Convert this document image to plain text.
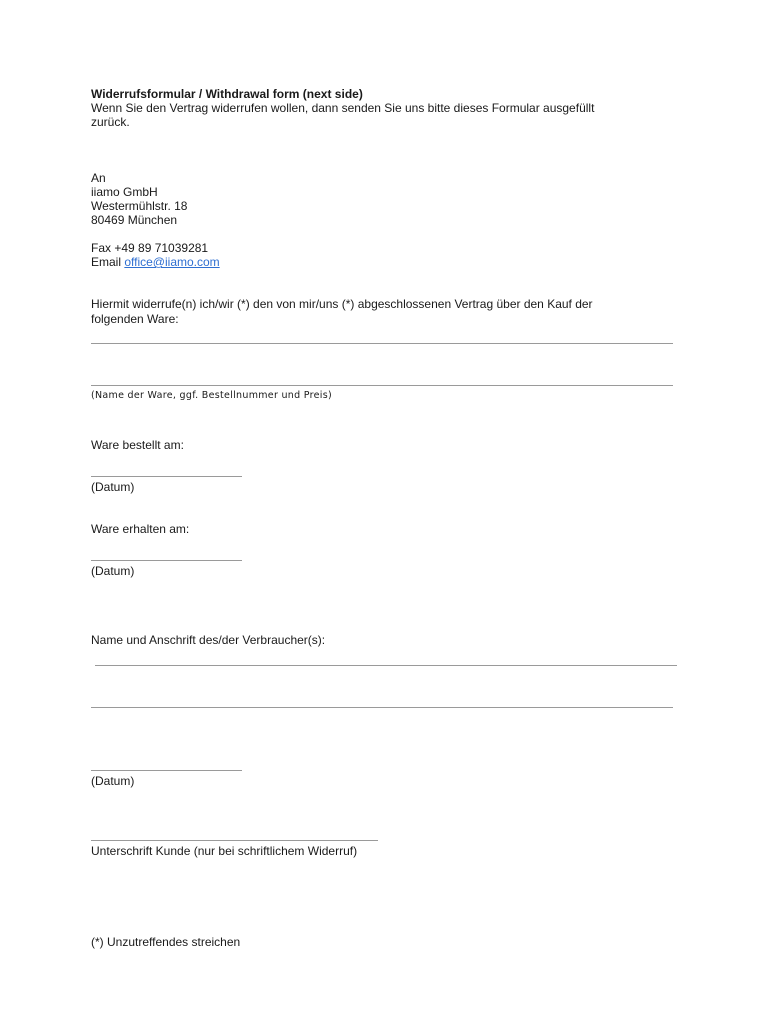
Widerrufsformular / Withdrawal form (next side)
Wenn Sie den Vertrag widerrufen wollen, dann senden Sie uns bitte dieses Formular ausgefüllt
zurück.
An
iiamo GmbH
Westermühlstr. 18
80469 München
Fax +49 89 71039281
Email office@iiamo.com
Hiermit widerrufe(n) ich/wir (*) den von mir/uns (*) abgeschlossenen Vertrag über den Kauf der
folgenden Ware:
(Name der Ware, ggf. Bestellnummer und Preis)
Ware bestellt am:
(Datum)
Ware erhalten am:
(Datum)
Name und Anschrift des/der Verbraucher(s):
(Datum)
Unterschrift Kunde (nur bei schriftlichem Widerruf)
(*) Unzutreffendes streichen
